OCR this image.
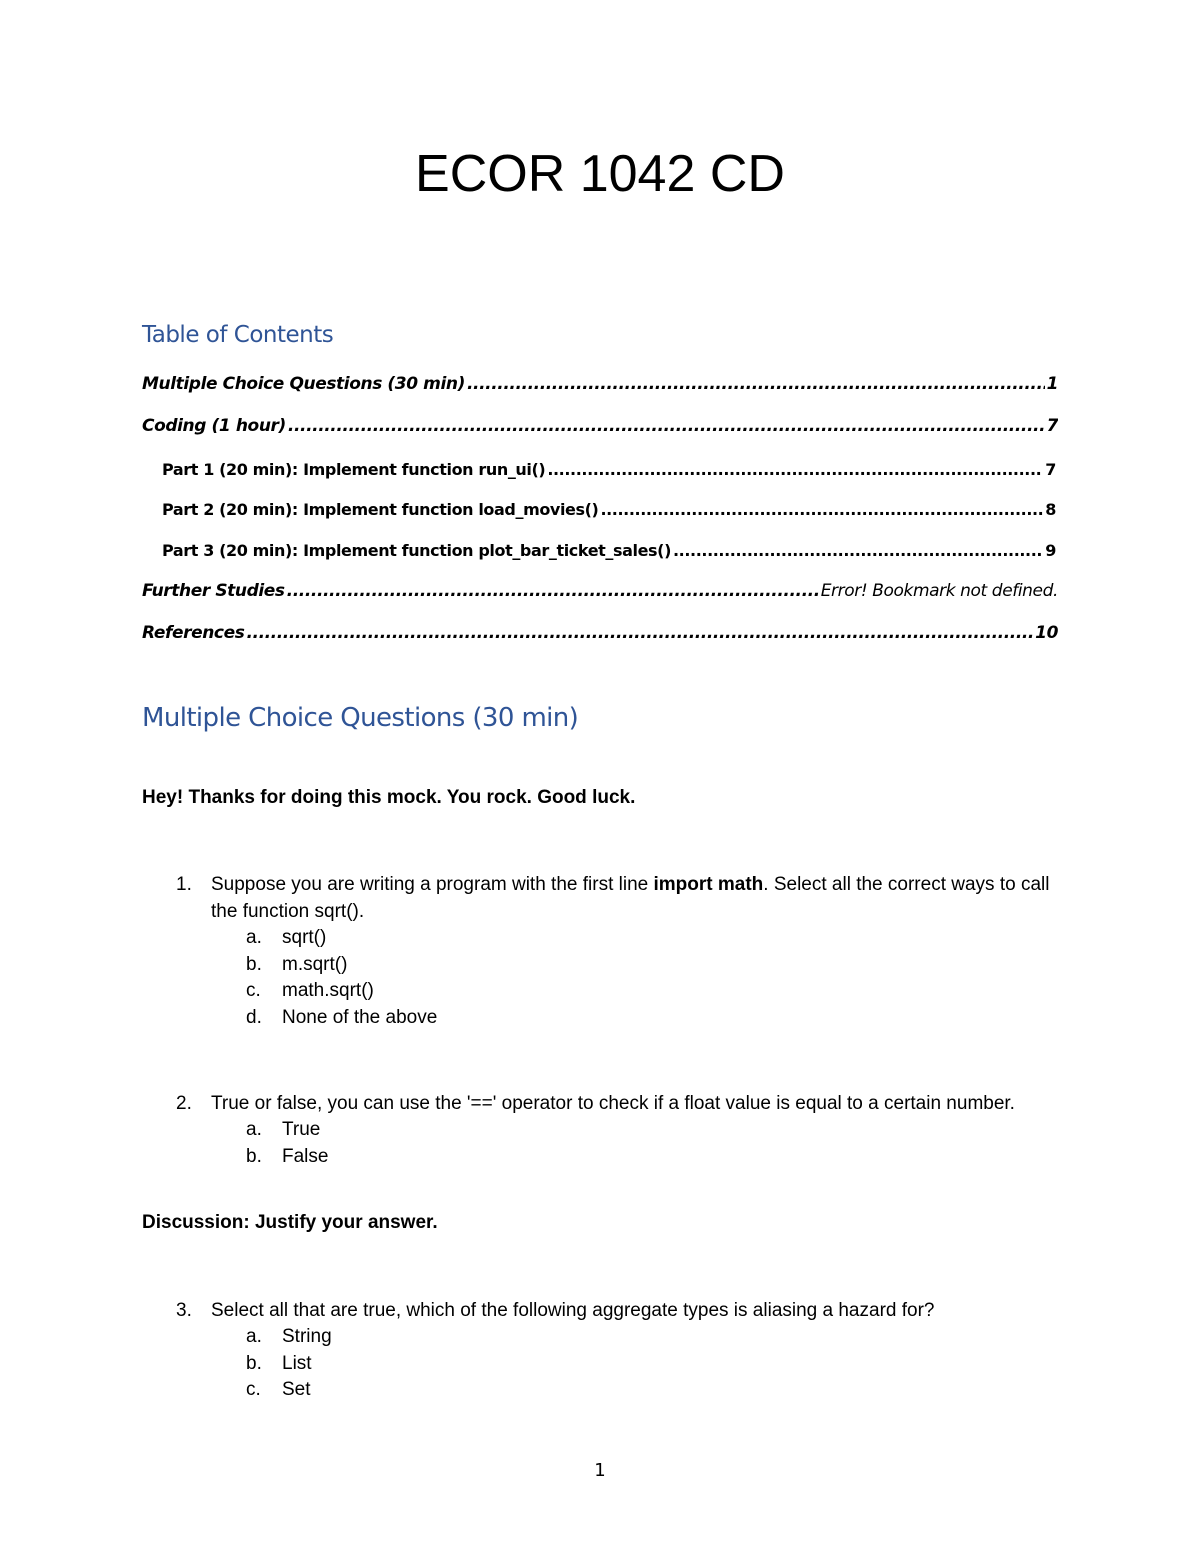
ECOR 1042 CD
Table of Contents
Multiple Choice Questions (30 min) .....	1
Coding (1 hour) .....	7
Part 1 (20 min): Implement function run_ui() .....	7
Part 2 (20 min): Implement function load_movies() .....	8
Part 3 (20 min): Implement function plot_bar_ticket_sales() .....	9
Further Studies .....	Error! Bookmark not defined.
References .....	10
Multiple Choice Questions (30 min)

Hey! Thanks for doing this mock. You rock. Good luck.

1. Suppose you are writing a program with the first line import math. Select all the correct ways to call the function sqrt().
a. sqrt()
b. m.sqrt()
c. math.sqrt()
d. None of the above
2. True or false, you can use the '==' operator to check if a float value is equal to a certain number.
a. True
b. False

Discussion: Justify your answer.

3. Select all that are true, which of the following aggregate types is aliasing a hazard for?
a. String
b. List
c. Set
1
